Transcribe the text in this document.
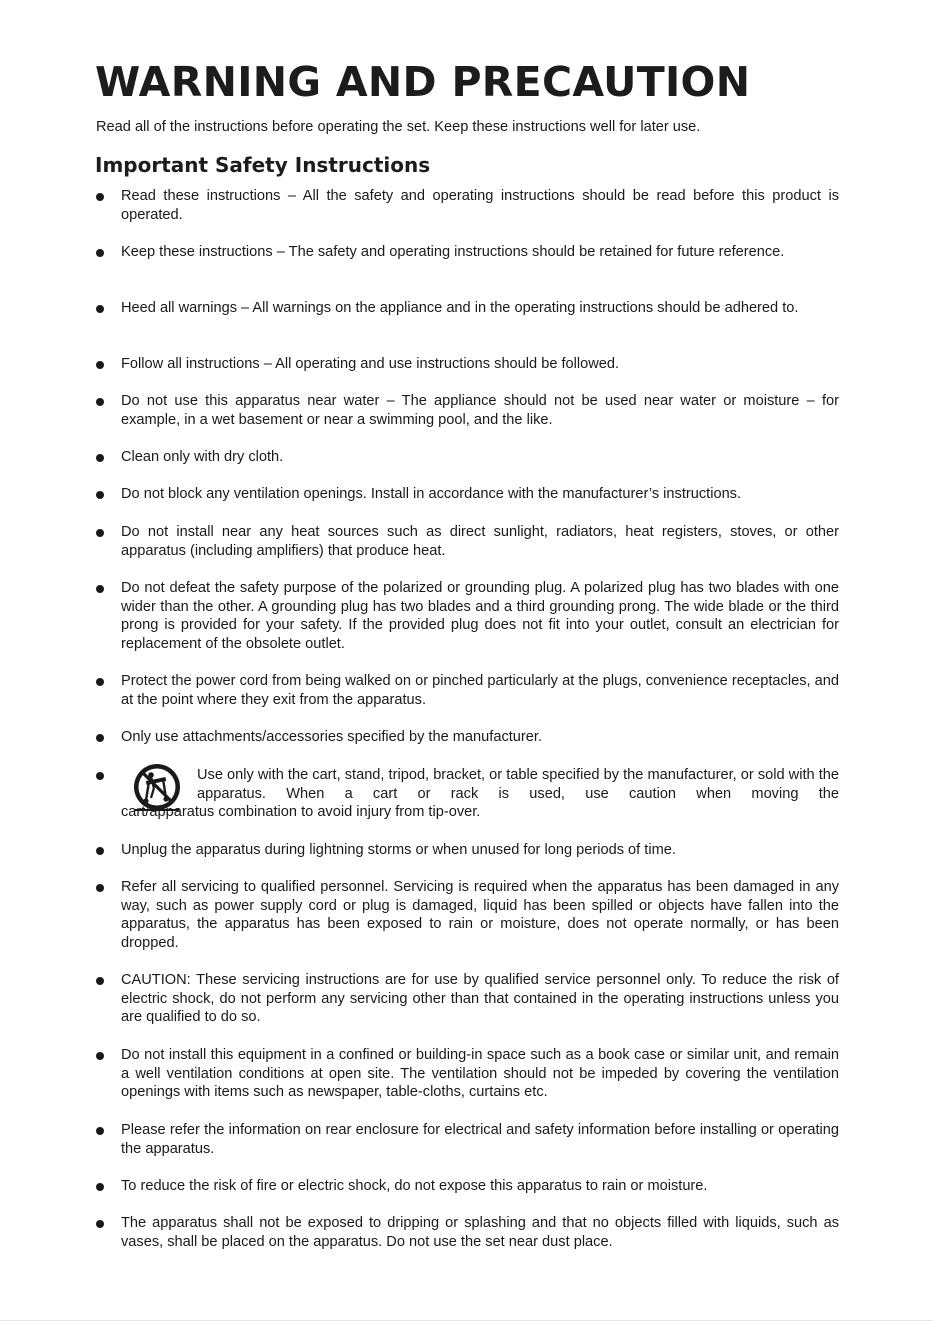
WARNING AND PRECAUTION

Read all of the instructions before operating the set. Keep these instructions well for later use.

Important Safety Instructions

Read these instructions – All the safety and operating instructions should be read before this product is operated.

Keep these instructions – The safety and operating instructions should be retained for future reference.

Heed all warnings – All warnings on the appliance and in the operating instructions should be adhered to.

Follow all instructions – All operating and use instructions should be followed.

Do not use this apparatus near water – The appliance should not be used near water or moisture – for example, in a wet basement or near a swimming pool, and the like.

Clean only with dry cloth.

Do not block any ventilation openings. Install in accordance with the manufacturer’s instructions.

Do not install near any heat sources such as direct sunlight, radiators, heat registers, stoves, or other apparatus (including amplifiers) that produce heat.

Do not defeat the safety purpose of the polarized or grounding plug. A polarized plug has two blades with one wider than the other. A grounding plug has two blades and a third grounding prong. The wide blade or the third prong is provided for your safety. If the provided plug does not fit into your outlet, consult an electrician for replacement of the obsolete outlet.

Protect the power cord from being walked on or pinched particularly at the plugs, convenience receptacles, and at the point where they exit from the apparatus.

Only use attachments/accessories specified by the manufacturer.

Use only with the cart, stand, tripod, bracket, or table specified by the manufacturer, or sold with the apparatus. When a cart or rack is used, use caution when moving the

cart/apparatus combination to avoid injury from tip-over.

Unplug the apparatus during lightning storms or when unused for long periods of time.

Refer all servicing to qualified personnel. Servicing is required when the apparatus has been damaged in any way, such as power supply cord or plug is damaged, liquid has been spilled or objects have fallen into the apparatus, the apparatus has been exposed to rain or moisture, does not operate normally, or has been dropped.

CAUTION: These servicing instructions are for use by qualified service personnel only. To reduce the risk of electric shock, do not perform any servicing other than that contained in the operating instructions unless you are qualified to do so.

Do not install this equipment in a confined or building-in space such as a book case or similar unit, and remain a well ventilation conditions at open site. The ventilation should not be impeded by covering the ventilation openings with items such as newspaper, table-cloths, curtains etc.

Please refer the information on rear enclosure for electrical and safety information before installing or operating the apparatus.

To reduce the risk of fire or electric shock, do not expose this apparatus to rain or moisture.

The apparatus shall not be exposed to dripping or splashing and that no objects filled with liquids, such as vases, shall be placed on the apparatus. Do not use the set near dust place.
